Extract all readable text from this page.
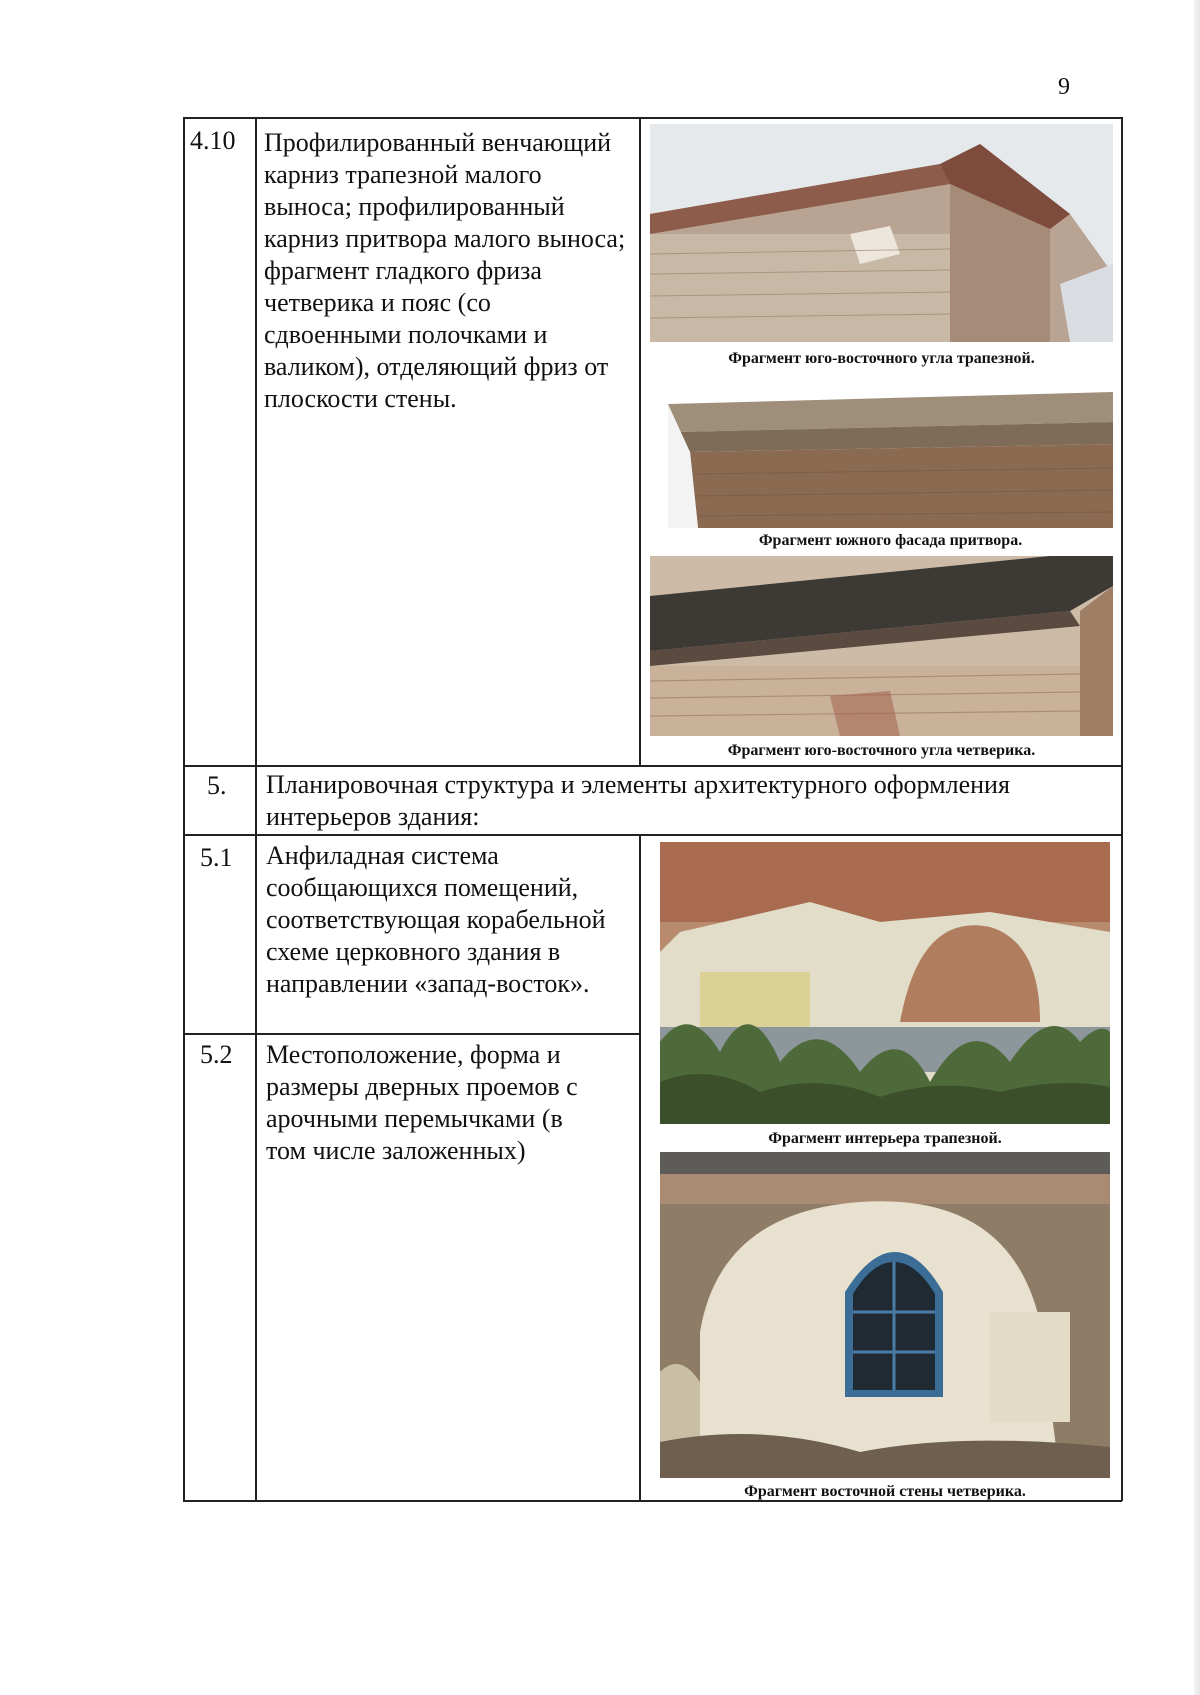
9
4.10 Профилированный венчающий карниз трапезной малого выноса; профилированный карниз притвора малого выноса; фрагмент гладкого фриза четверика и пояс (со сдвоенными полочками и валиком), отделяющий фриз от плоскости стены.
Фрагмент юго-восточного угла трапезной.
Фрагмент южного фасада притвора.
Фрагмент юго-восточного угла четверика.
5. Планировочная структура и элементы архитектурного оформления интерьеров здания:
5.1 Анфиладная система сообщающихся помещений, соответствующая корабельной схеме церковного здания в направлении «запад-восток».
5.2 Местоположение, форма и размеры дверных проемов с арочными перемычками (в том числе заложенных)	Фрагмент интерьера трапезной.
Фрагмент восточной стены четверика.
